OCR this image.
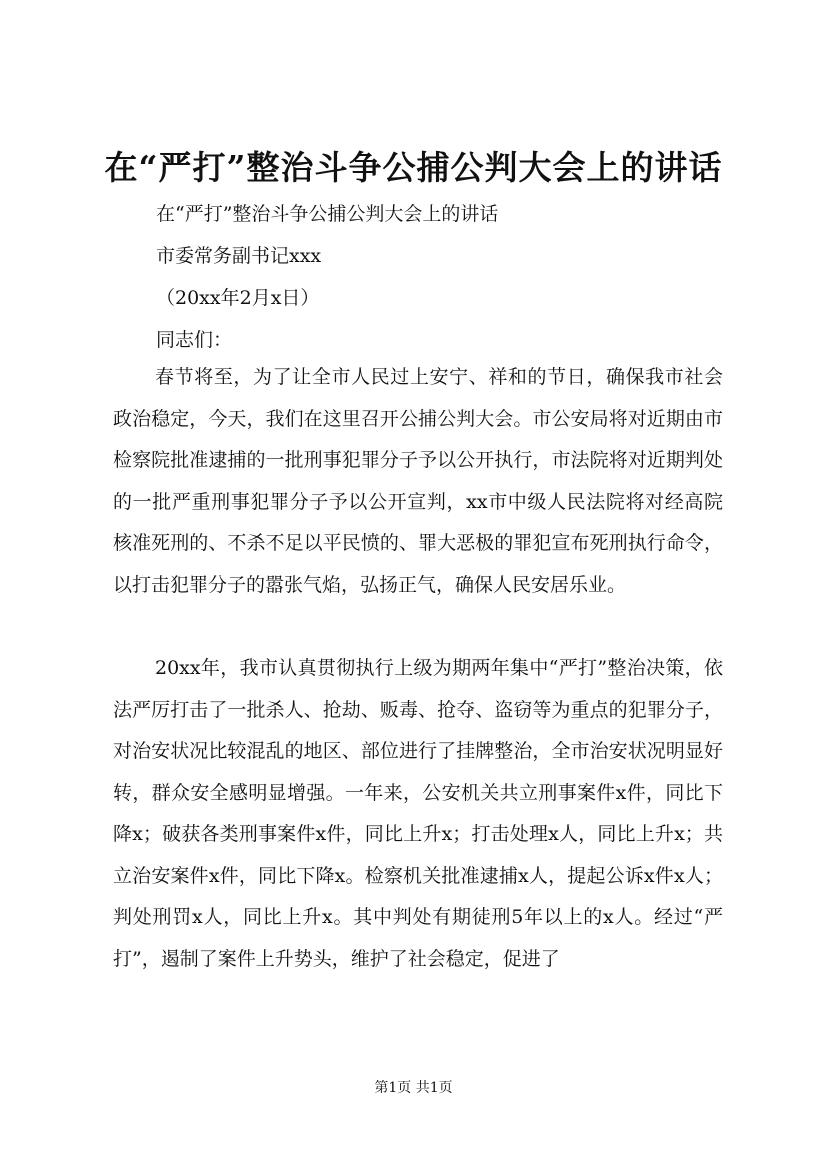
在“严打”整治斗争公捕公判大会上的讲话
在“严打”整治斗争公捕公判大会上的讲话
市委常务副书记xxx
（20xx年2月x日）
同志们：

春节将至，为了让全市人民过上安宁、祥和的节日，确保我市社会政治稳定，今天，我们在这里召开公捕公判大会。市公安局将对近期由市检察院批准逮捕的一批刑事犯罪分子予以公开执行，市法院将对近期判处的一批严重刑事犯罪分子予以公开宣判，xx市中级人民法院将对经高院核准死刑的、不杀不足以平民愤的、罪大恶极的罪犯宣布死刑执行命令，以打击犯罪分子的嚣张气焰，弘扬正气，确保人民安居乐业。

20xx年，我市认真贯彻执行上级为期两年集中“严打”整治决策，依法严厉打击了一批杀人、抢劫、贩毒、抢夺、盗窃等为重点的犯罪分子，对治安状况比较混乱的地区、部位进行了挂牌整治，全市治安状况明显好转，群众安全感明显增强。一年来，公安机关共立刑事案件x件，同比下降x；破获各类刑事案件x件，同比上升x；打击处理x人，同比上升x；共立治安案件x件，同比下降x。检察机关批准逮捕x人，提起公诉x件x人；判处刑罚x人，同比上升x。其中判处有期徒刑5年以上的x人。经过“严打”，遏制了案件上升势头，维护了社会稳定，促进了

第1页 共1页
